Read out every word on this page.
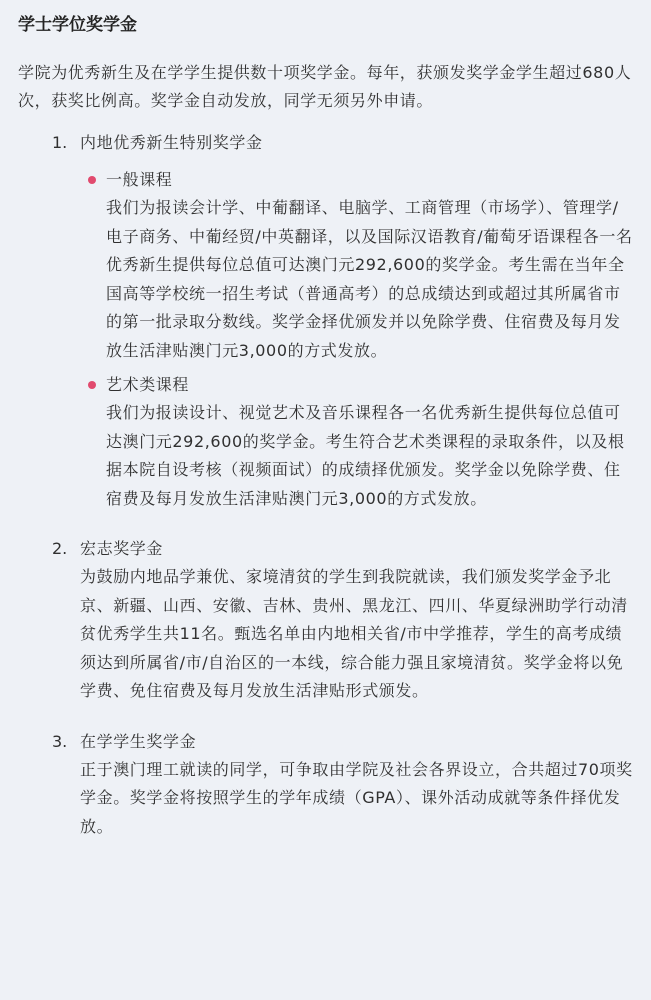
学士学位奖学金

学院为优秀新生及在学学生提供数十项奖学金。每年，获颁发奖学金学生超过680人次，获奖比例高。奖学金自动发放，同学无须另外申请。

1. 内地优秀新生特别奖学金
一般课程
我们为报读会计学、中葡翻译、电脑学、工商管理（市场学）、管理学/电子商务、中葡经贸/中英翻译，以及国际汉语教育/葡萄牙语课程各一名优秀新生提供每位总值可达澳门元292,600的奖学金。考生需在当年全国高等学校统一招生考试（普通高考）的总成绩达到或超过其所属省市的第一批录取分数线。奖学金择优颁发并以免除学费、住宿费及每月发放生活津贴澳门元3,000的方式发放。
艺术类课程
我们为报读设计、视觉艺术及音乐课程各一名优秀新生提供每位总值可达澳门元292,600的奖学金。考生符合艺术类课程的录取条件，以及根据本院自设考核（视频面试）的成绩择优颁发。奖学金以免除学费、住宿费及每月发放生活津贴澳门元3,000的方式发放。
2. 宏志奖学金
为鼓励内地品学兼优、家境清贫的学生到我院就读，我们颁发奖学金予北京、新疆、山西、安徽、吉林、贵州、黑龙江、四川、华夏绿洲助学行动清贫优秀学生共11名。甄选名单由内地相关省/市中学推荐，学生的高考成绩须达到所属省/市/自治区的一本线，综合能力强且家境清贫。奖学金将以免学费、免住宿费及每月发放生活津贴形式颁发。
3. 在学学生奖学金
正于澳门理工就读的同学，可争取由学院及社会各界设立，合共超过70项奖学金。奖学金将按照学生的学年成绩（GPA）、课外活动成就等条件择优发放。
